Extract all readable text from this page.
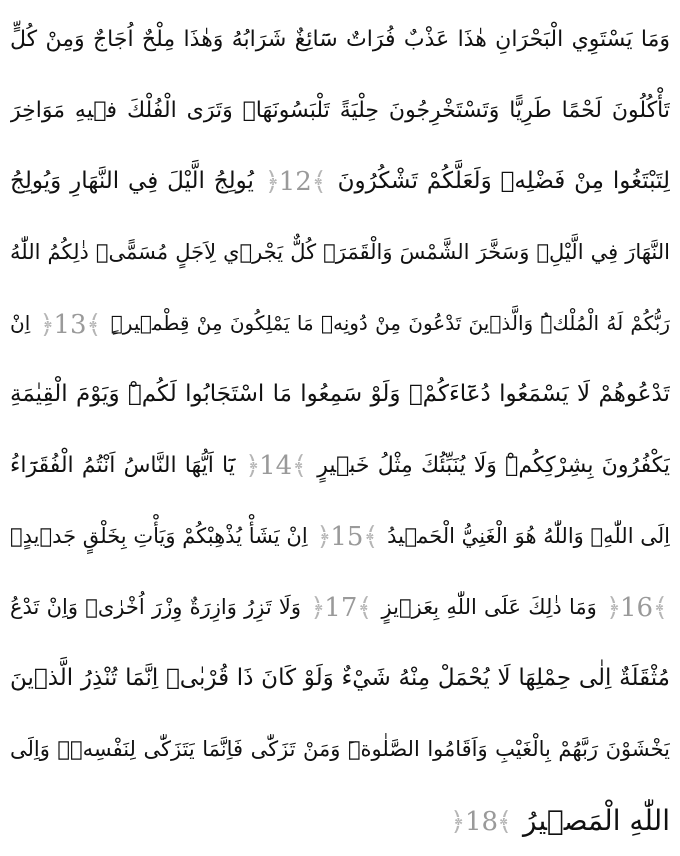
وَمَا يَسْتَوِي الْبَحْرَانِ هٰذَا عَذْبٌ فُرَاتٌ سَٓائِغٌ شَرَابُهُ وَهٰذَا مِلْحٌ اُجَاجٌ وَمِنْ كُلٍّ
تَأْكُلُونَ لَحْمًا طَرِيًّا وَتَسْتَخْرِجُونَ حِلْيَةً تَلْبَسُونَهَاۚ وَتَرَى الْفُلْكَ فٖيهِ مَوَاخِرَ
لِتَبْتَغُوا مِنْ فَضْلِهٖ وَلَعَلَّكُمْ تَشْكُرُونَ
﴿
12 ﴾
يُولِجُ الَّيْلَ فِي النَّهَارِ وَيُولِجُ
النَّهَارَ فِي الَّيْلِۙ وَسَخَّرَ الشَّمْسَ وَالْقَمَرَۘ كُلٌّ يَجْرٖي لِاَجَلٍ مُسَمًّىۜ ذٰلِكُمُ اللّٰهُ
رَبُّكُمْ لَهُ الْمُلْكُۜ وَالَّذٖينَ تَدْعُونَ مِنْ دُونِهٖ مَا يَمْلِكُونَ مِنْ قِطْمٖيرٍۜ
﴿
13 ﴾
اِنْ
تَدْعُوهُمْ لَا يَسْمَعُوا دُعَٓاءَكُمْۚ وَلَوْ سَمِعُوا مَا اسْتَجَابُوا لَكُمْۜ وَيَوْمَ الْقِيٰمَةِ
يَكْفُرُونَ بِشِرْكِكُمْۜ وَلَا يُنَبِّئُكَ مِثْلُ خَبٖيرٍ
﴿
14 ﴾
يَٓا اَيُّهَا النَّاسُ اَنْتُمُ الْفُقَرَٓاءُ
اِلَى اللّٰهِۚ وَاللّٰهُ هُوَ الْغَنِيُّ الْحَمٖيدُ
﴿
15 ﴾
اِنْ يَشَأْ يُذْهِبْكُمْ وَيَأْتِ بِخَلْقٍ جَدٖيدٍۚ
﴿
16 ﴾
وَمَا ذٰلِكَ عَلَى اللّٰهِ بِعَزٖيزٍ
﴿
17 ﴾
وَلَا تَزِرُ وَازِرَةٌ وِزْرَ اُخْرٰىۜ وَاِنْ تَدْعُ
مُثْقَلَةٌ اِلٰى حِمْلِهَا لَا يُحْمَلْ مِنْهُ شَيْءٌ وَلَوْ كَانَ ذَا قُرْبٰىۜ اِنَّمَا تُنْذِرُ الَّذٖينَ
يَخْشَوْنَ رَبَّهُمْ بِالْغَيْبِ وَاَقَامُوا الصَّلٰوةَۜ وَمَنْ تَزَكّٰى فَاِنَّمَا يَتَزَكّٰى لِنَفْسِهٖۜ وَاِلَى
اللّٰهِ الْمَصٖيرُ
﴿ 18
﴾
